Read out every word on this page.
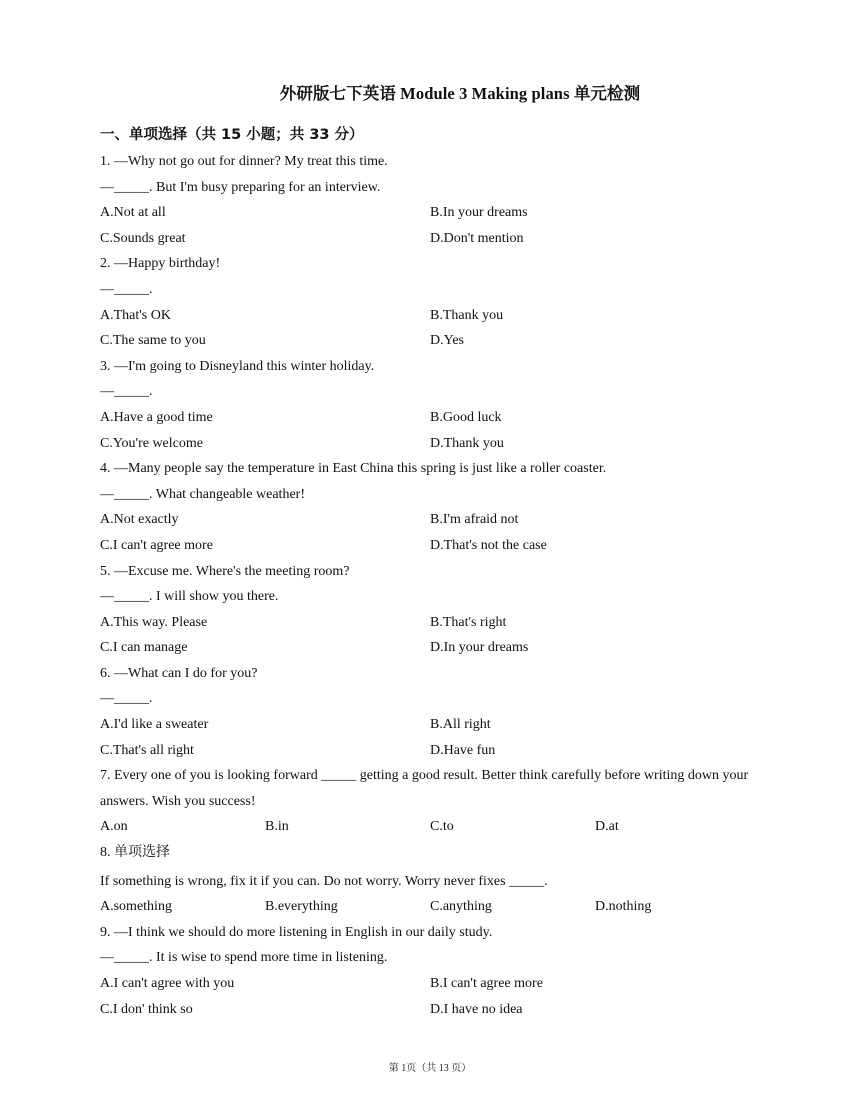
外研版七下英语 Module 3 Making plans 单元检测
一、单项选择（共 15 小题；共 33 分）
1. —Why not go out for dinner? My treat this time.
—_____. But I'm busy preparing for an interview.
A.Not at all	B.In your dreams
C.Sounds great	D.Don't mention
2. —Happy birthday!
—_____.
A.That's OK	B.Thank you
C.The same to you	D.Yes
3. —I'm going to Disneyland this winter holiday.
—_____.
A.Have a good time	B.Good luck
C.You're welcome	D.Thank you
4. —Many people say the temperature in East China this spring is just like a roller coaster.
—_____. What changeable weather!
A.Not exactly	B.I'm afraid not
C.I can't agree more	D.That's not the case
5. —Excuse me. Where's the meeting room?
—_____. I will show you there.
A.This way. Please	B.That's right
C.I can manage	D.In your dreams
6. —What can I do for you?
—_____.
A.I'd like a sweater	B.All right
C.That's all right	D.Have fun
7. Every one of you is looking forward _____ getting a good result. Better think carefully before writing down your answers. Wish you success!
A.on	B.in	C.to	D.at
8. 单项选择
If something is wrong, fix it if you can. Do not worry. Worry never fixes _____.
A.something	B.everything	C.anything	D.nothing
9. —I think we should do more listening in English in our daily study.
—_____. It is wise to spend more time in listening.
A.I can't agree with you	B.I can't agree more
C.I don' think so	D.I have no idea
第 1页（共 13 页）
